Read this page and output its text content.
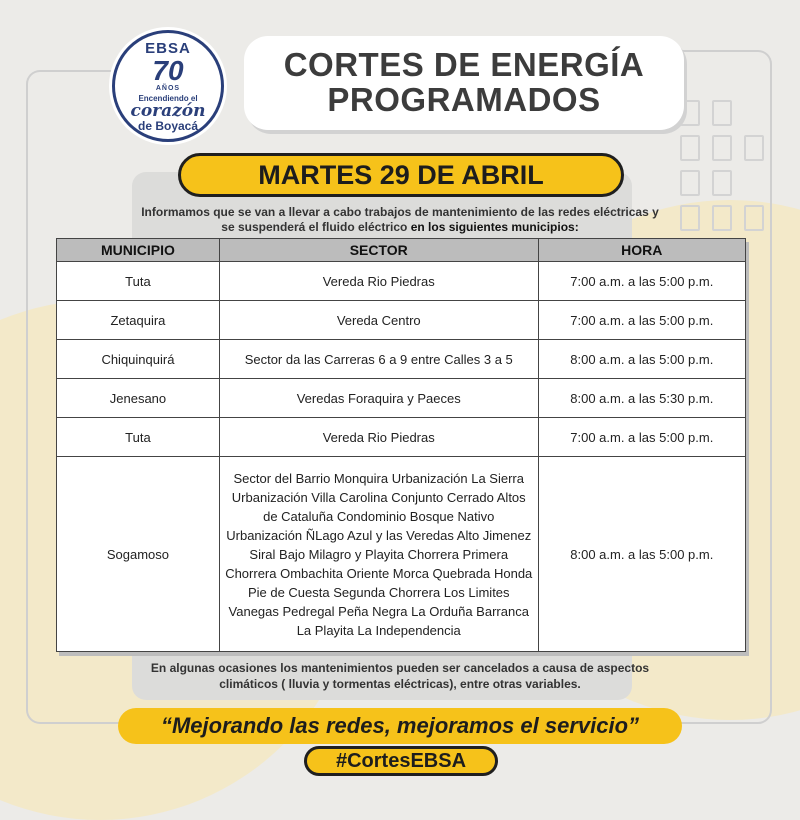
EBSA
70
AÑOS
Encendiendo el
corazón
de Boyacá
CORTES DE ENERGÍA
PROGRAMADOS
MARTES 29 DE ABRIL
Informamos que se van a llevar a cabo trabajos de mantenimiento de las redes eléctricas y se suspenderá el fluido eléctrico en los siguientes municipios:
MUNICIPIO	SECTOR	HORA
Tuta	Vereda Rio Piedras	7:00 a.m. a las 5:00 p.m.
Zetaquira	Vereda Centro	7:00 a.m. a las 5:00 p.m.
Chiquinquirá	Sector da las Carreras 6 a 9 entre Calles 3 a 5	8:00 a.m. a las 5:00 p.m.
Jenesano	Veredas Foraquira y Paeces	8:00 a.m. a las 5:30 p.m.
Tuta	Vereda Rio Piedras	7:00 a.m. a las 5:00 p.m.
Sogamoso	Sector del Barrio Monquira Urbanización La Sierra Urbanización Villa Carolina Conjunto Cerrado Altos de Cataluña Condominio Bosque Nativo Urbanización ÑLago Azul y las Veredas Alto Jimenez Siral Bajo Milagro y Playita Chorrera Primera Chorrera Ombachita Oriente Morca Quebrada Honda Pie de Cuesta Segunda Chorrera Los Limites Vanegas Pedregal Peña Negra La Orduña Barranca La Playita La Independencia	8:00 a.m. a las 5:00 p.m.
En algunas ocasiones los mantenimientos pueden ser cancelados a causa de aspectos climáticos ( lluvia y tormentas eléctricas), entre otras variables.
“Mejorando las redes, mejoramos el servicio”
#CortesEBSA
